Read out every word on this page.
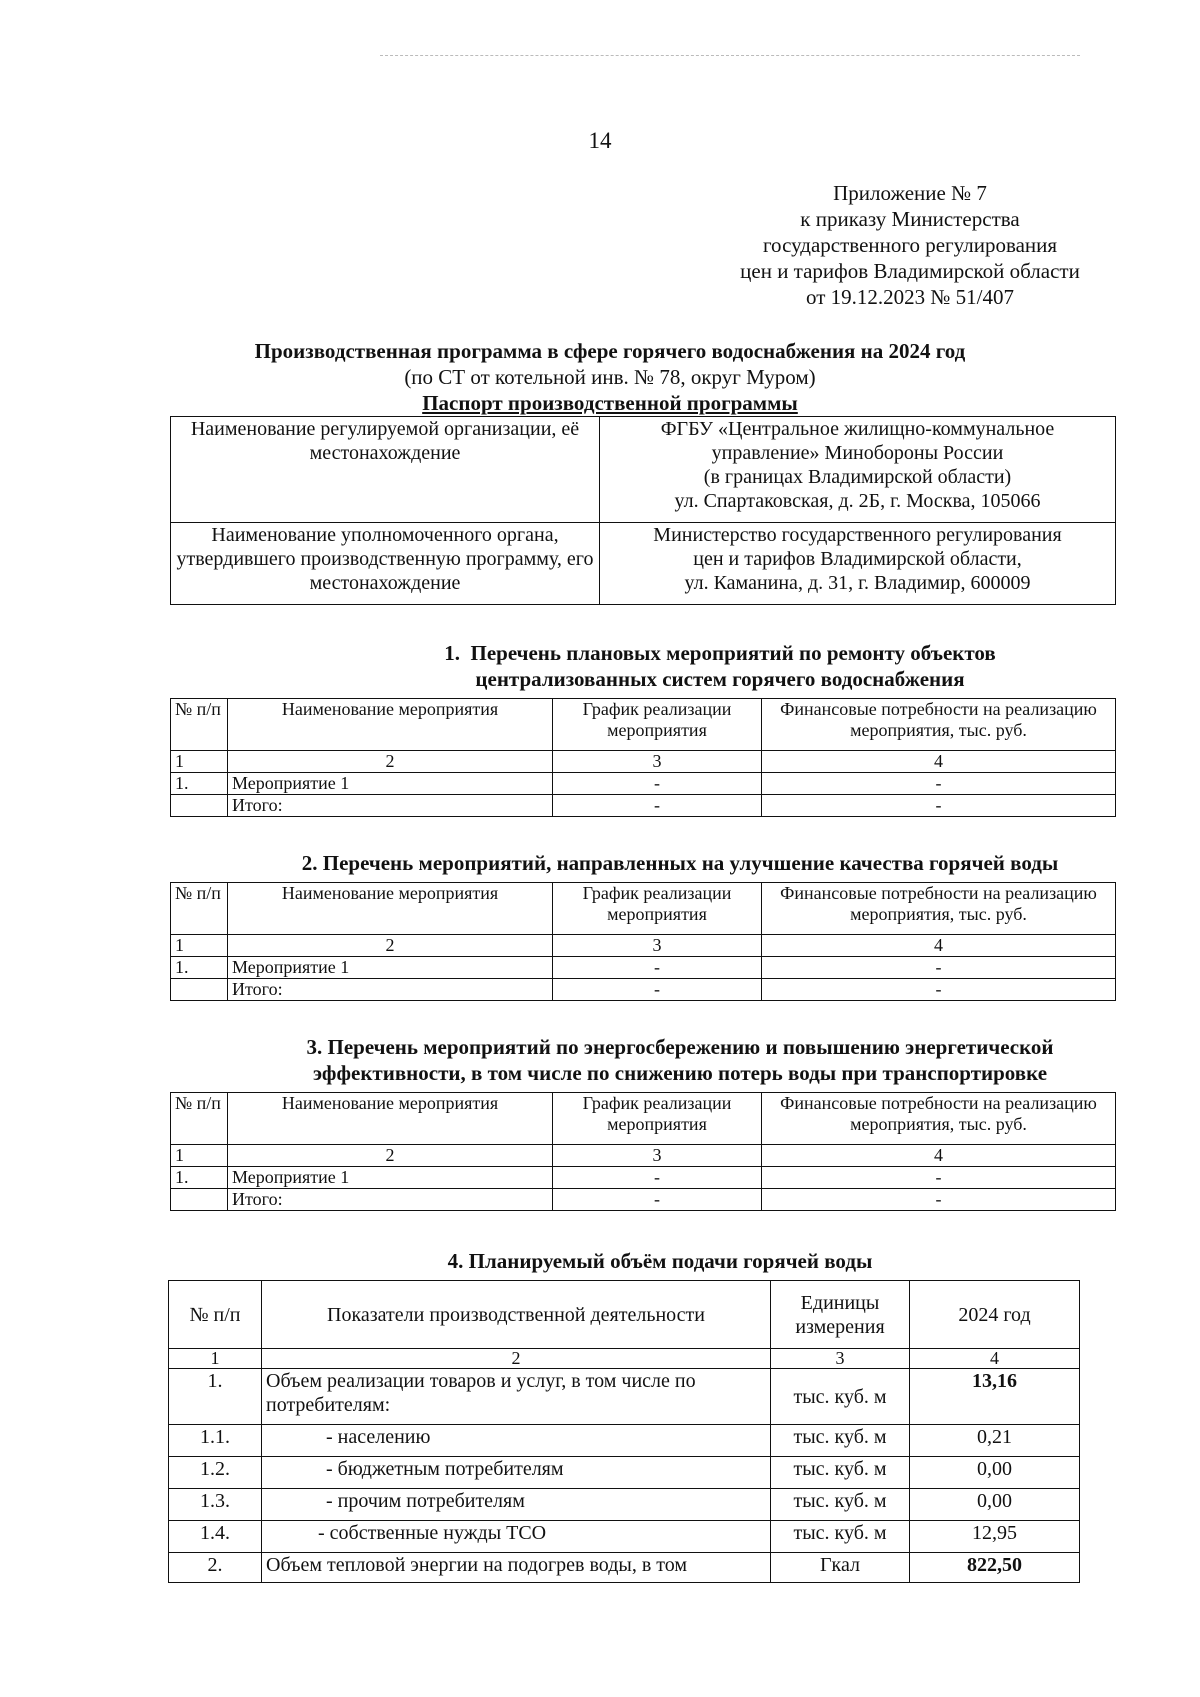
14
Приложение № 7
к приказу Министерства
государственного регулирования
цен и тарифов Владимирской области
от 19.12.2023 № 51/407
Производственная программа в сфере горячего водоснабжения на 2024 год
(по СТ от котельной инв. № 78, округ Муром)
Паспорт производственной программы
Наименование регулируемой организации, её местонахождение	ФГБУ «Центральное жилищно-коммунальное
управление» Минобороны России
(в границах Владимирской области)
ул. Спартаковская, д. 2Б, г. Москва, 105066

Наименование уполномоченного органа, утвердившего производственную программу, его местонахождение	Министерство государственного регулирования
цен и тарифов Владимирской области,
ул. Каманина, д. 31, г. Владимир, 600009
1. Перечень плановых мероприятий по ремонту объектов
централизованных систем горячего водоснабжения
№ п/п	Наименование мероприятия	График реализации мероприятия	Финансовые потребности на реализацию мероприятия, тыс. руб.
1	2	3	4
1.	Мероприятие 1	-	-
	Итого:	-	-
2. Перечень мероприятий, направленных на улучшение качества горячей воды
№ п/п	Наименование мероприятия	График реализации мероприятия	Финансовые потребности на реализацию мероприятия, тыс. руб.
1	2	3	4
1.	Мероприятие 1	-	-
	Итого:	-	-
3. Перечень мероприятий по энергосбережению и повышению энергетической
эффективности, в том числе по снижению потерь воды при транспортировке
№ п/п	Наименование мероприятия	График реализации мероприятия	Финансовые потребности на реализацию мероприятия, тыс. руб.
1	2	3	4
1.	Мероприятие 1	-	-
	Итого:	-	-
4. Планируемый объём подачи горячей воды
№ п/п	Показатели производственной деятельности	Единицы измерения	2024 год
1	2	3	4
1.	Объем реализации товаров и услуг, в том числе по потребителям:	тыс. куб. м	13,16
1.1.	- населению	тыс. куб. м	0,21
1.2.	- бюджетным потребителям	тыс. куб. м	0,00
1.3.	- прочим потребителям	тыс. куб. м	0,00
1.4.	- собственные нужды ТСО	тыс. куб. м	12,95
2.	Объем тепловой энергии на подогрев воды, в том	Гкал	822,50
